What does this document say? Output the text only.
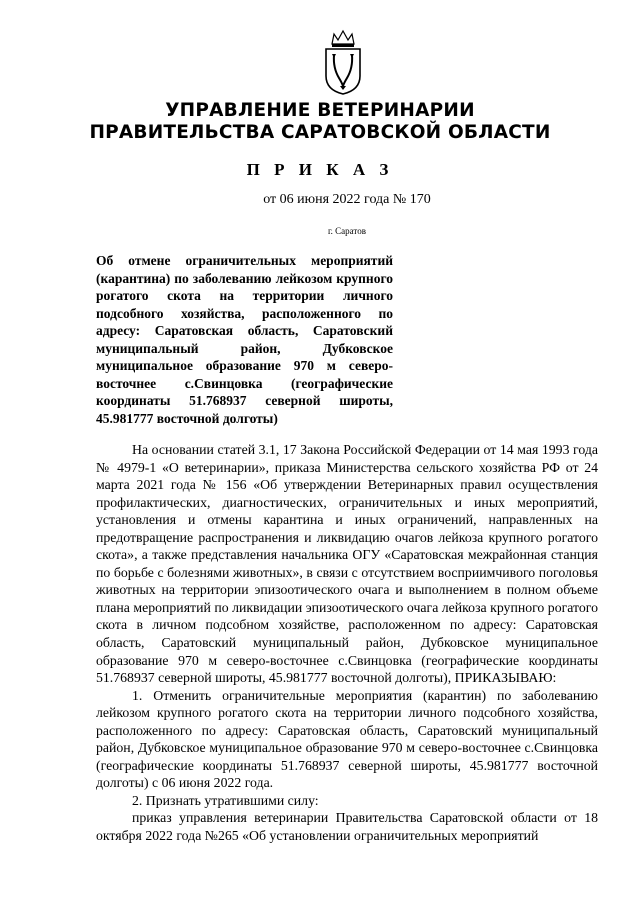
УПРАВЛЕНИЕ ВЕТЕРИНАРИИ
ПРАВИТЕЛЬСТВА САРАТОВСКОЙ ОБЛАСТИ
П Р И К А З
от 06 июня 2022 года № 170
г. Саратов
Об отмене ограничительных мероприятий (карантина) по заболеванию лейкозом крупного рогатого скота на территории личного подсобного хозяйства, расположенного по адресу: Саратовская область, Саратовский муниципальный район, Дубковское муниципальное образование 970 м северо-восточнее с.Свинцовка (географические координаты 51.768937 северной широты, 45.981777 восточной долготы)

На основании статей 3.1, 17 Закона Российской Федерации от 14 мая 1993 года № 4979-1 «О ветеринарии», приказа Министерства сельского хозяйства РФ от 24 марта 2021 года № 156 «Об утверждении Ветеринарных правил осуществления профилактических, диагностических, ограничительных и иных мероприятий, установления и отмены карантина и иных ограничений, направленных на предотвращение распространения и ликвидацию очагов лейкоза крупного рогатого скота», а также представления начальника ОГУ «Саратовская межрайонная станция по борьбе с болезнями животных», в связи с отсутствием восприимчивого поголовья животных на территории эпизоотического очага и выполнением в полном объеме плана мероприятий по ликвидации эпизоотического очага лейкоза крупного рогатого скота в личном подсобном хозяйстве, расположенном по адресу: Саратовская область, Саратовский муниципальный район, Дубковское муниципальное образование 970 м северо-восточнее с.Свинцовка (географические координаты 51.768937 северной широты, 45.981777 восточной долготы), ПРИКАЗЫВАЮ:

1. Отменить ограничительные мероприятия (карантин) по заболеванию лейкозом крупного рогатого скота на территории личного подсобного хозяйства, расположенного по адресу: Саратовская область, Саратовский муниципальный район, Дубковское муниципальное образование 970 м северо-восточнее с.Свинцовка (географические координаты 51.768937 северной широты, 45.981777 восточной долготы) с 06 июня 2022 года.

2. Признать утратившими силу:

приказ управления ветеринарии Правительства Саратовской области от 18 октября 2022 года №265 «Об установлении ограничительных мероприятий
